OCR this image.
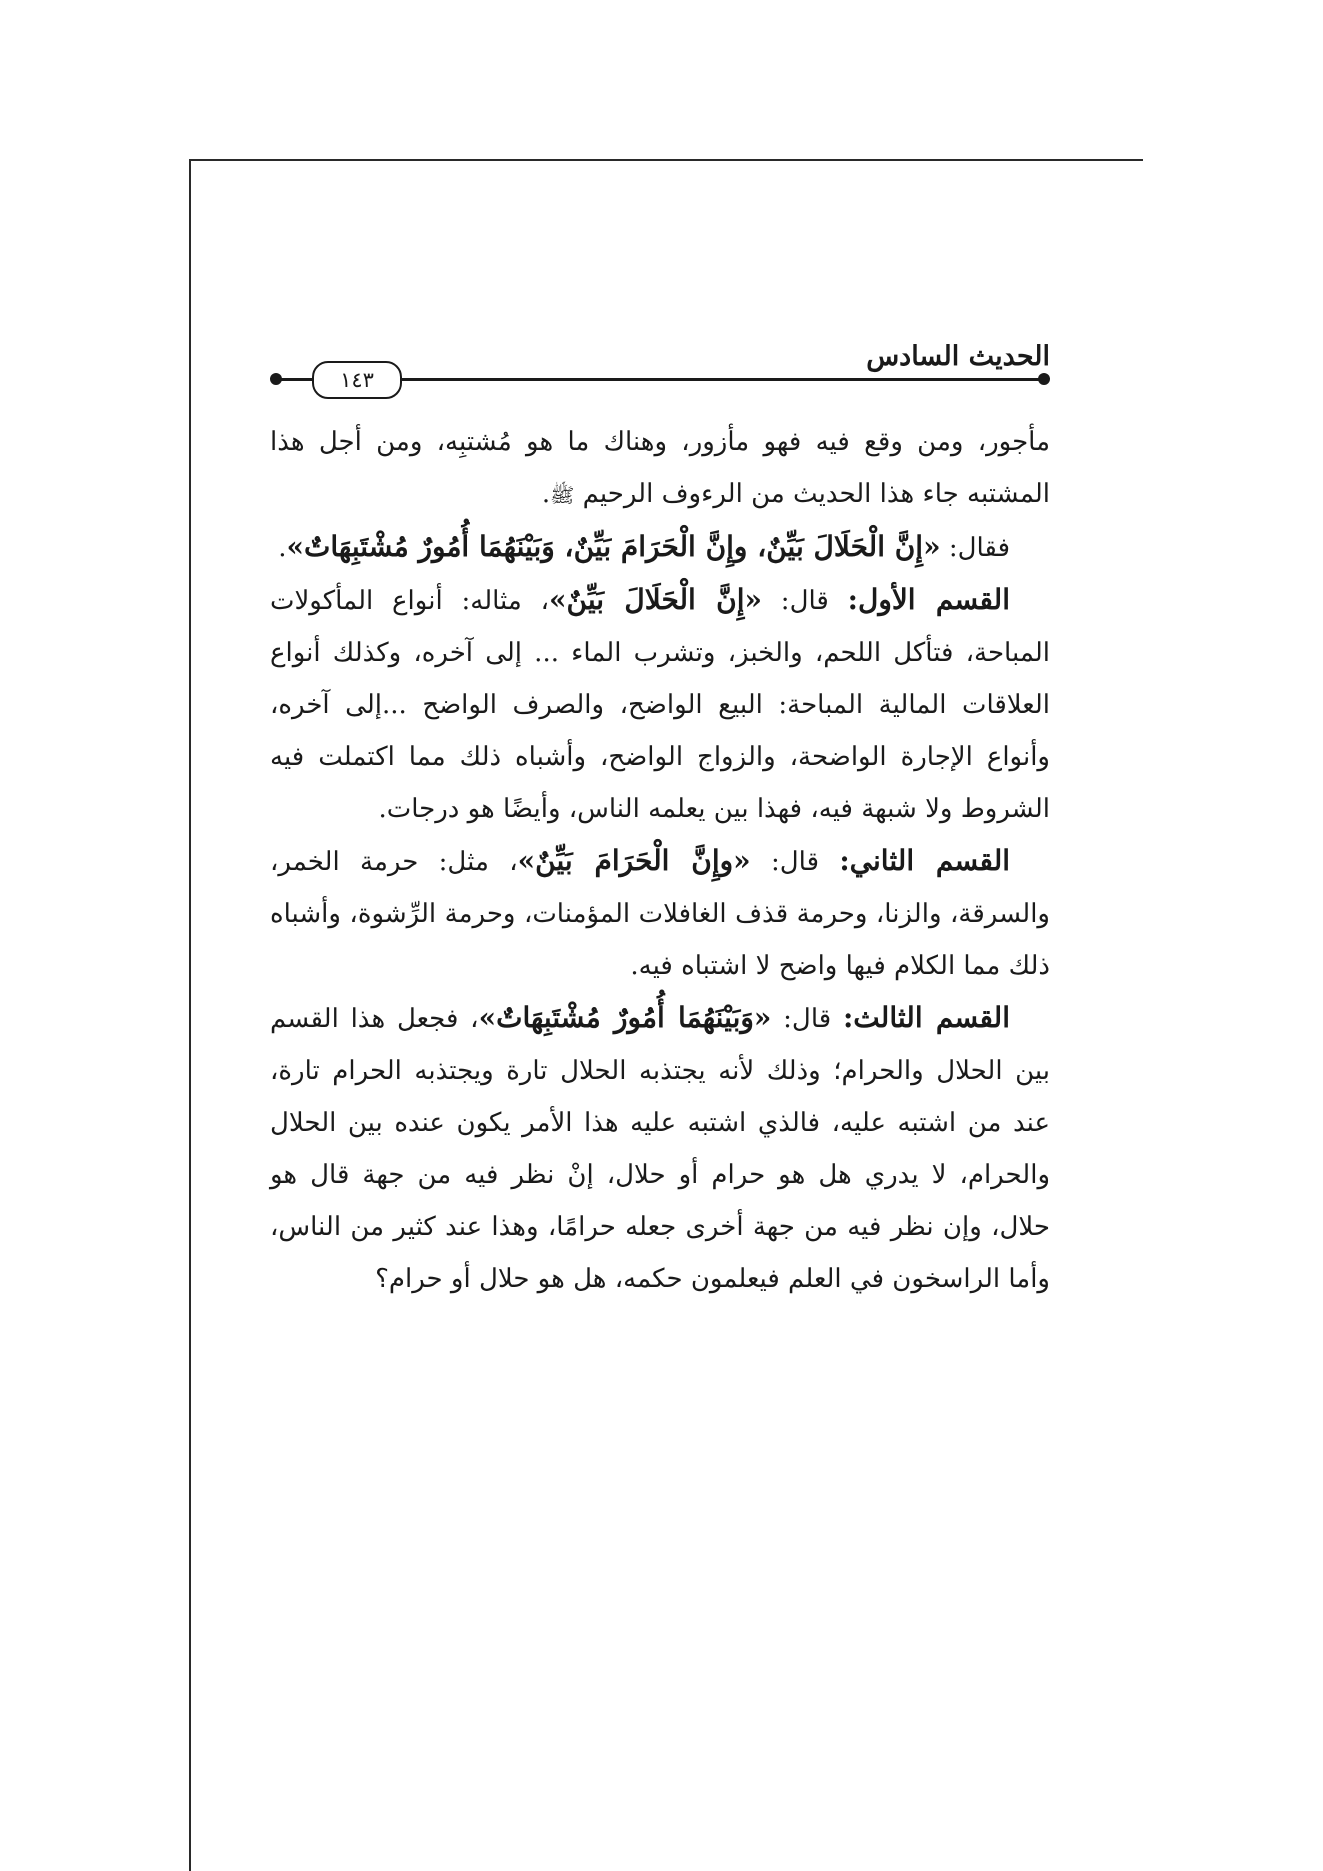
الحديث السادس
١٤٣

مأجور، ومن وقع فيه فهو مأزور، وهناك ما هو مُشتبِه، ومن أجل هذا المشتبه جاء هذا الحديث من الرءوف الرحيم ﷺ.

فقال: «إِنَّ الْحَلَالَ بَيِّنٌ، وإِنَّ الْحَرَامَ بَيِّنٌ، وَبَيْنَهُمَا أُمُورٌ مُشْتَبِهَاتٌ».

القسم الأول: قال: «إِنَّ الْحَلَالَ بَيِّنٌ»، مثاله: أنواع المأكولات المباحة، فتأكل اللحم، والخبز، وتشرب الماء ... إلى آخره، وكذلك أنواع العلاقات المالية المباحة: البيع الواضح، والصرف الواضح ...إلى آخره، وأنواع الإجارة الواضحة، والزواج الواضح، وأشباه ذلك مما اكتملت فيه الشروط ولا شبهة فيه، فهذا بين يعلمه الناس، وأيضًا هو درجات.

القسم الثاني: قال: «وإِنَّ الْحَرَامَ بَيِّنٌ»، مثل: حرمة الخمر، والسرقة، والزنا، وحرمة قذف الغافلات المؤمنات، وحرمة الرِّشوة، وأشباه ذلك مما الكلام فيها واضح لا اشتباه فيه.

القسم الثالث: قال: «وَبَيْنَهُمَا أُمُورٌ مُشْتَبِهَاتٌ»، فجعل هذا القسم بين الحلال والحرام؛ وذلك لأنه يجتذبه الحلال تارة ويجتذبه الحرام تارة، عند من اشتبه عليه، فالذي اشتبه عليه هذا الأمر يكون عنده بين الحلال والحرام، لا يدري هل هو حرام أو حلال، إنْ نظر فيه من جهة قال هو حلال، وإن نظر فيه من جهة أخرى جعله حرامًا، وهذا عند كثير من الناس، وأما الراسخون في العلم فيعلمون حكمه، هل هو حلال أو حرام؟
